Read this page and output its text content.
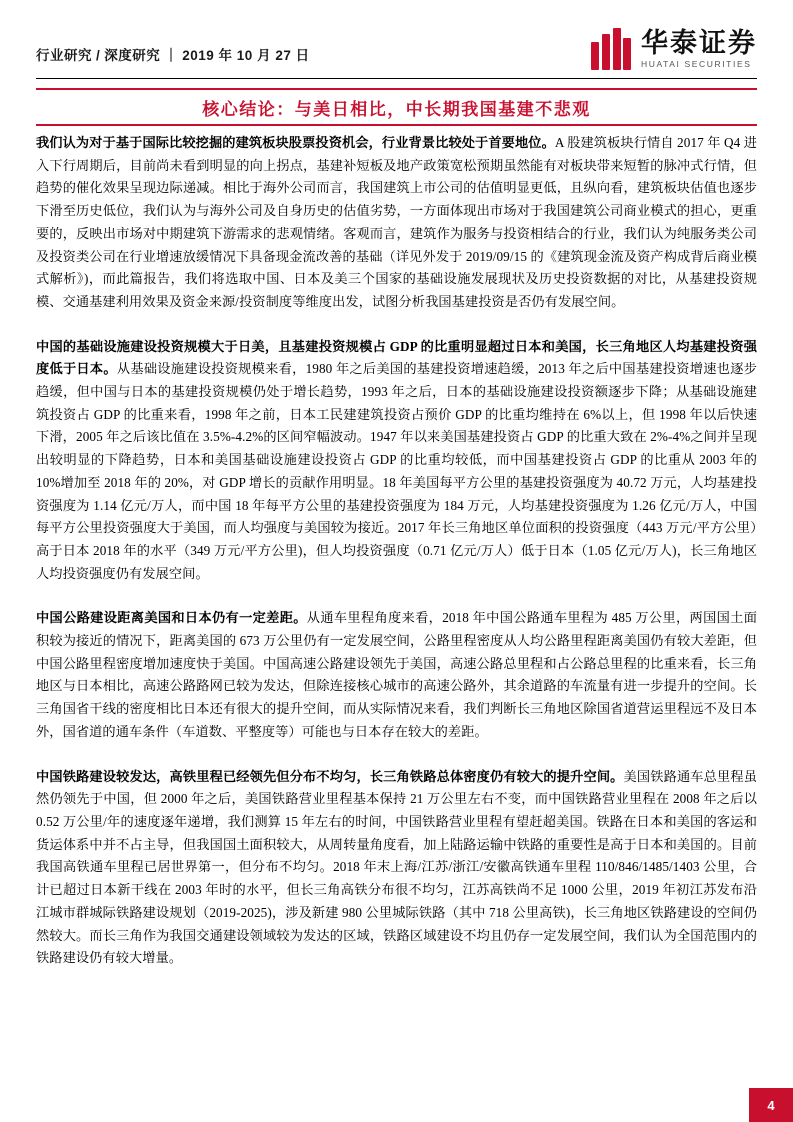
行业研究 / 深度研究 ｜ 2019 年 10 月 27 日	华泰证券
HUATAI SECURITIES
核心结论：与美日相比，中长期我国基建不悲观

我们认为对于基于国际比较挖掘的建筑板块股票投资机会，行业背景比较处于首要地位。A 股建筑板块行情自 2017 年 Q4 进入下行周期后，目前尚未看到明显的向上拐点，基建补短板及地产政策宽松预期虽然能有对板块带来短暂的脉冲式行情，但趋势的催化效果呈现边际递减。相比于海外公司而言，我国建筑上市公司的估值明显更低，且纵向看，建筑板块估值也逐步下滑至历史低位，我们认为与海外公司及自身历史的估值劣势，一方面体现出市场对于我国建筑公司商业模式的担心，更重要的，反映出市场对中期建筑下游需求的悲观情绪。客观而言，建筑作为服务与投资相结合的行业，我们认为纯服务类公司及投资类公司在行业增速放缓情况下具备现金流改善的基础（详见外发于 2019/09/15 的《建筑现金流及资产构成背后商业模式解析》)，而此篇报告，我们将选取中国、日本及美三个国家的基础设施发展现状及历史投资数据的对比，从基建投资规模、交通基建利用效果及资金来源/投资制度等维度出发，试图分析我国基建投资是否仍有发展空间。

中国的基础设施建设投资规模大于日美，且基建投资规模占 GDP 的比重明显超过日本和美国，长三角地区人均基建投资强度低于日本。从基础设施建设投资规模来看，1980 年之后美国的基建投资增速趋缓，2013 年之后中国基建投资增速也逐步趋缓，但中国与日本的基建投资规模仍处于增长趋势，1993 年之后，日本的基础设施建设投资额逐步下降；从基础设施建筑投资占 GDP 的比重来看，1998 年之前，日本工民建建筑投资占预价 GDP 的比重均维持在 6%以上，但 1998 年以后快速下滑，2005 年之后该比值在 3.5%-4.2%的区间窄幅波动。1947 年以来美国基建投资占 GDP 的比重大致在 2%-4%之间并呈现出较明显的下降趋势，日本和美国基础设施建设投资占 GDP 的比重均较低，而中国基建投资占 GDP 的比重从 2003 年的 10%增加至 2018 年的 20%，对 GDP 增长的贡献作用明显。18 年美国每平方公里的基建投资强度为 40.72 万元，人均基建投资强度为 1.14 亿元/万人，而中国 18 年每平方公里的基建投资强度为 184 万元，人均基建投资强度为 1.26 亿元/万人，中国每平方公里投资强度大于美国，而人均强度与美国较为接近。2017 年长三角地区单位面积的投资强度（443 万元/平方公里）高于日本 2018 年的水平（349 万元/平方公里)，但人均投资强度（0.71 亿元/万人）低于日本（1.05 亿元/万人)，长三角地区人均投资强度仍有发展空间。

中国公路建设距离美国和日本仍有一定差距。从通车里程角度来看，2018 年中国公路通车里程为 485 万公里，两国国土面积较为接近的情况下，距离美国的 673 万公里仍有一定发展空间，公路里程密度从人均公路里程距离美国仍有较大差距，但中国公路里程密度增加速度快于美国。中国高速公路建设领先于美国，高速公路总里程和占公路总里程的比重来看，长三角地区与日本相比，高速公路路网已较为发达，但除连接核心城市的高速公路外，其余道路的车流量有进一步提升的空间。长三角国省干线的密度相比日本还有很大的提升空间，而从实际情况来看，我们判断长三角地区除国省道营运里程远不及日本外，国省道的通车条件（车道数、平整度等）可能也与日本存在较大的差距。

中国铁路建设较发达，高铁里程已经领先但分布不均匀，长三角铁路总体密度仍有较大的提升空间。美国铁路通车总里程虽然仍领先于中国，但 2000 年之后，美国铁路营业里程基本保持 21 万公里左右不变，而中国铁路营业里程在 2008 年之后以 0.52 万公里/年的速度逐年递增，我们测算 15 年左右的时间，中国铁路营业里程有望赶超美国。铁路在日本和美国的客运和货运体系中并不占主导，但我国国土面积较大，从周转量角度看，加上陆路运输中铁路的重要性是高于日本和美国的。目前我国高铁通车里程已居世界第一，但分布不均匀。2018 年末上海/江苏/浙江/安徽高铁通车里程 110/846/1485/1403 公里，合计已超过日本新干线在 2003 年时的水平，但长三角高铁分布很不均匀，江苏高铁尚不足 1000 公里，2019 年初江苏发布沿江城市群城际铁路建设规划（2019-2025)，涉及新建 980 公里城际铁路（其中 718 公里高铁)，长三角地区铁路建设的空间仍然较大。而长三角作为我国交通建设领域较为发达的区域，铁路区域建设不均且仍存一定发展空间，我们认为全国范围内的铁路建设仍有较大增量。

4
